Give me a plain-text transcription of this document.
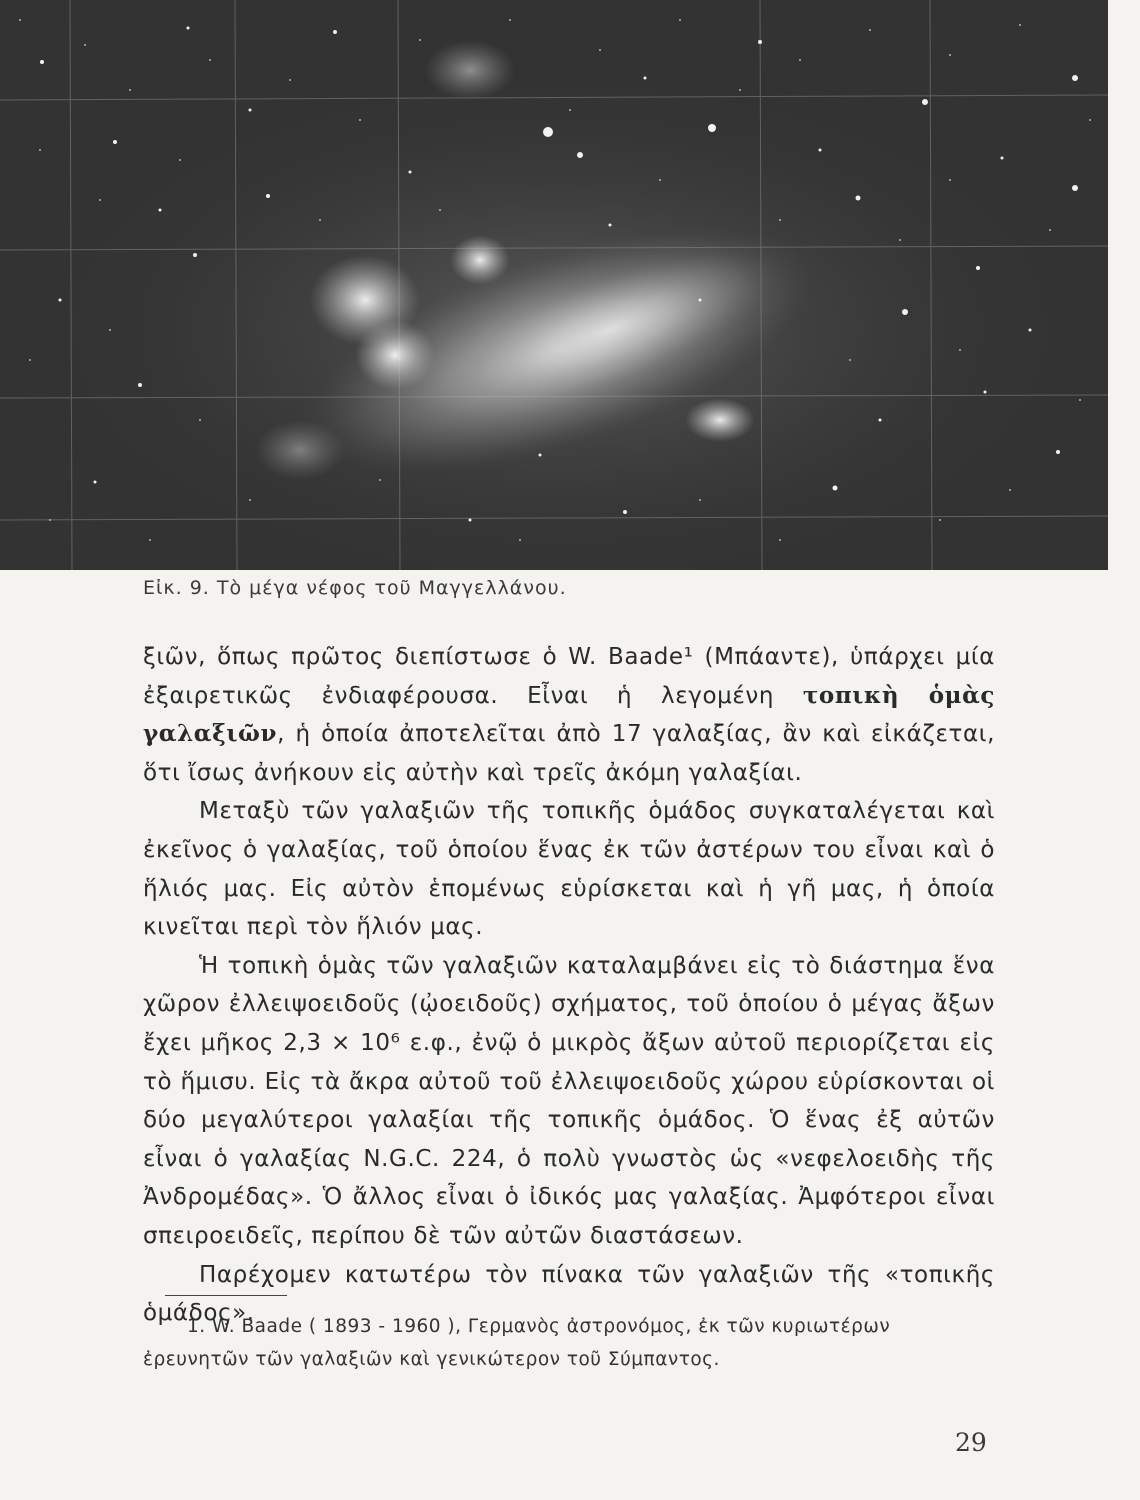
Εἰκ. 9. Τὸ μέγα νέφος τοῦ Μαγγελλάνου.

ξιῶν, ὅπως πρῶτος διεπίστωσε ὁ W. Baade¹ (Μπάαντε), ὑπάρχει μία ἐξαιρετικῶς ἐνδιαφέρουσα. Εἶναι ἡ λεγομένη τοπικὴ ὁμὰς γαλαξιῶν, ἡ ὁποία ἀποτελεῖται ἀπὸ 17 γαλαξίας, ἂν καὶ εἰκάζεται, ὅτι ἴσως ἀνήκουν εἰς αὐτὴν καὶ τρεῖς ἀκόμη γαλαξίαι.

Μεταξὺ τῶν γαλαξιῶν τῆς τοπικῆς ὁμάδος συγκαταλέγεται καὶ ἐκεῖνος ὁ γαλαξίας, τοῦ ὁποίου ἕνας ἐκ τῶν ἀστέρων του εἶναι καὶ ὁ ἥλιός μας. Εἰς αὐτὸν ἑπομένως εὑρίσκεται καὶ ἡ γῆ μας, ἡ ὁποία κινεῖται περὶ τὸν ἥλιόν μας.

Ἡ τοπικὴ ὁμὰς τῶν γαλαξιῶν καταλαμβάνει εἰς τὸ διάστημα ἕνα χῶρον ἐλλειψοειδοῦς (ᾠοειδοῦς) σχήματος, τοῦ ὁποίου ὁ μέγας ἄξων ἔχει μῆκος 2,3 × 10⁶ ε.φ., ἐνῷ ὁ μικρὸς ἄξων αὐτοῦ περιορίζεται εἰς τὸ ἥμισυ. Εἰς τὰ ἄκρα αὐτοῦ τοῦ ἐλλειψοειδοῦς χώρου εὑρίσκονται οἱ δύο μεγαλύτεροι γαλαξίαι τῆς τοπικῆς ὁμάδος. Ὁ ἕνας ἐξ αὐτῶν εἶναι ὁ γαλαξίας N.G.C. 224, ὁ πολὺ γνωστὸς ὡς «νεφελοειδὴς τῆς Ἀνδρομέδας». Ὁ ἄλλος εἶναι ὁ ἰδικός μας γαλαξίας. Ἀμφότεροι εἶναι σπειροειδεῖς, περίπου δὲ τῶν αὐτῶν διαστάσεων.

Παρέχομεν κατωτέρω τὸν πίνακα τῶν γαλαξιῶν τῆς «τοπικῆς ὁμάδος».

1. W. Baade ( 1893 - 1960 ), Γερμανὸς ἀστρονόμος, ἐκ τῶν κυριωτέρων ἐρευνητῶν τῶν γαλαξιῶν καὶ γενικώτερον τοῦ Σύμπαντος.
29
